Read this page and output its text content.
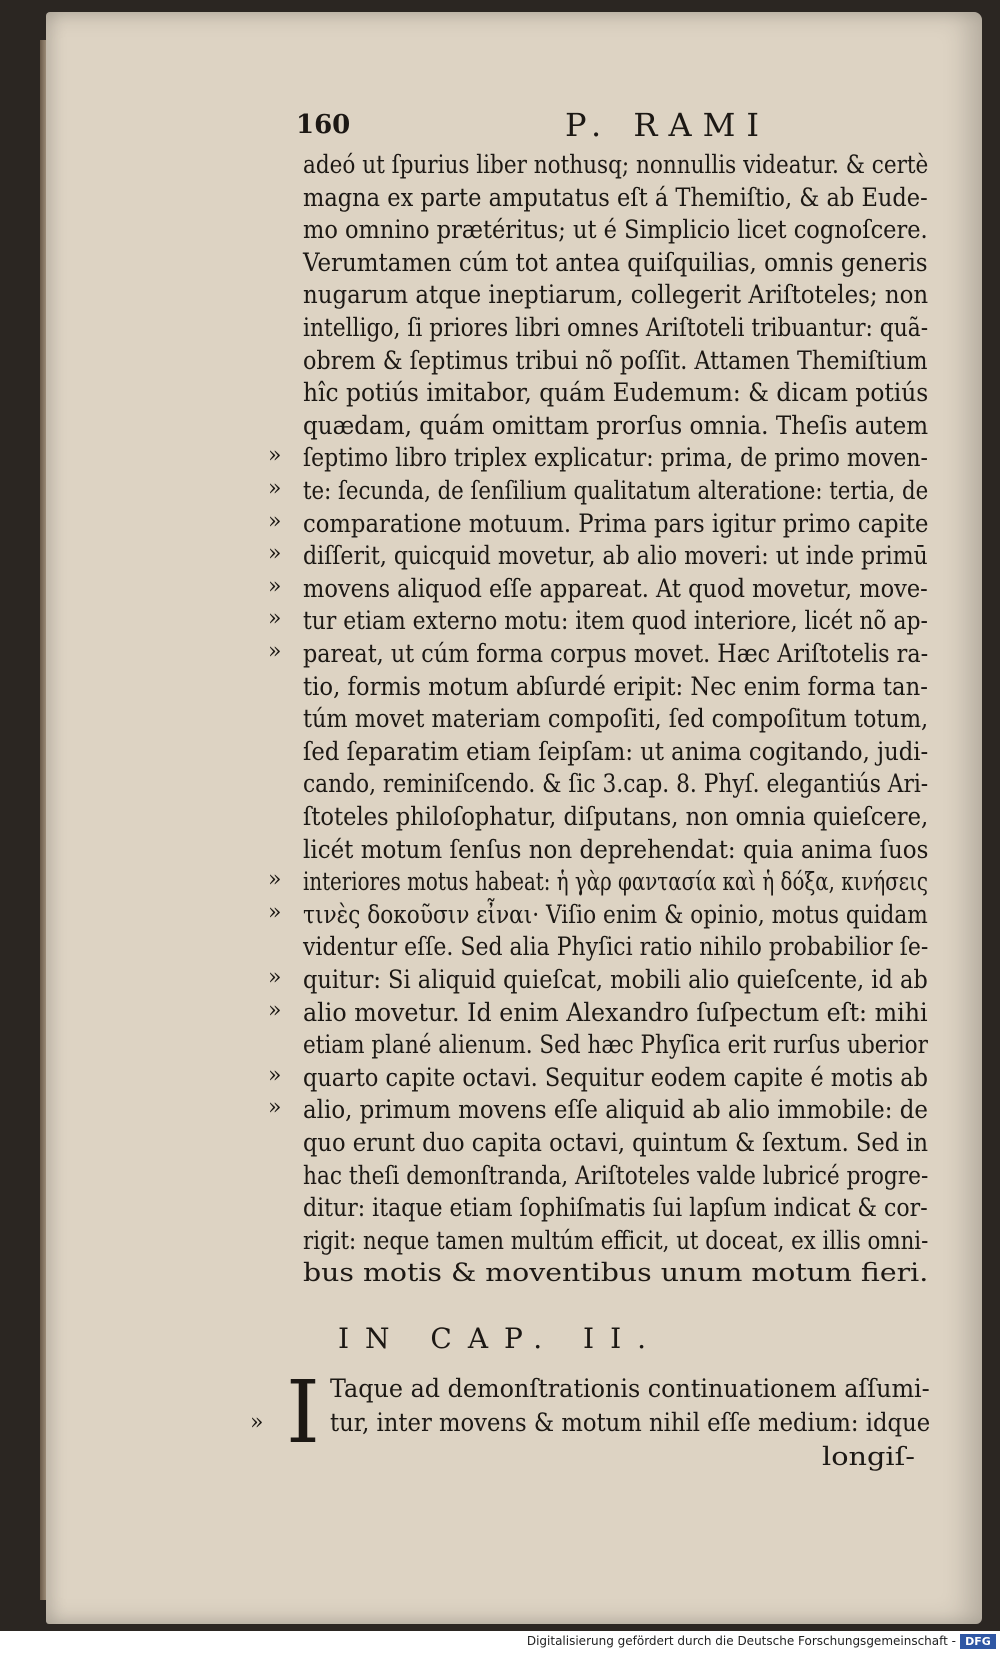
160	P. RAMI
adeó ut ſpurius liber nothusq; nonnullis videatur. & certè
magna ex parte amputatus eſt á Themiſtio, & ab Eude-
mo omnino prætéritus; ut é Simplicio licet cognoſcere.
Verumtamen cúm tot antea quiſquilias, omnis generis
nugarum atque ineptiarum, collegerit Ariſtoteles; non
intelligo, ſi priores libri omnes Ariſtoteli tribuantur: quã-
obrem & ſeptimus tribui nõ poſſit. Attamen Themiſtium
hîc potiús imitabor, quám Eudemum: & dicam potiús
quædam, quám omittam prorſus omnia. Theſis autem
ſeptimo libro triplex explicatur: prima, de primo moven-
»
te: ſecunda, de ſenſilium qualitatum alteratione: tertia, de
»
comparatione motuum. Prima pars igitur primo capite
»
diſſerit, quicquid movetur, ab alio moveri: ut inde primū
»
movens aliquod eſſe appareat. At quod movetur, move-
»
tur etiam externo motu: item quod interiore, licét nõ ap-
»
pareat, ut cúm forma corpus movet. Hæc Ariſtotelis ra-
»
tio, formis motum abſurdé eripit: Nec enim forma tan-
túm movet materiam compoſiti, ſed compoſitum totum,
ſed ſeparatim etiam ſeipſam: ut anima cogitando, judi-
cando, reminiſcendo. & ſic 3.cap. 8. Phyſ. elegantiús Ari-
ſtoteles philoſophatur, diſputans, non omnia quieſcere,
licét motum ſenſus non deprehendat: quia anima ſuos
interiores motus habeat: ἡ γὰρ φαντασία καὶ ἡ δόξα, κινήσεις
»
τινὲς δοκοῦσιν εἶναι· Viſio enim & opinio, motus quidam
»
videntur eſſe. Sed alia Phyſici ratio nihilo probabilior ſe-
quitur: Si aliquid quieſcat, mobili alio quieſcente, id ab
»
alio movetur. Id enim Alexandro ſuſpectum eſt: mihi
»
etiam plané alienum. Sed hæc Phyſica erit rurſus uberior
quarto capite octavi. Sequitur eodem capite é motis ab
»
alio, primum movens eſſe aliquid ab alio immobile: de
»
quo erunt duo capita octavi, quintum & ſextum. Sed in
hac theſi demonſtranda, Ariſtoteles valde lubricé progre-
ditur: itaque etiam ſophiſmatis ſui lapſum indicat & cor-
rigit: neque tamen multúm efficit, ut doceat, ex illis omni-
bus motis & moventibus unum motum fieri.
IN CAP. II.
I Taque ad demonſtrationis continuationem aſſumi-
tur, inter movens & motum nihil eſſe medium: idque
longiſ-
»
Digitalisierung gefördert durch die Deutsche Forschungsgemeinschaft - DFG
